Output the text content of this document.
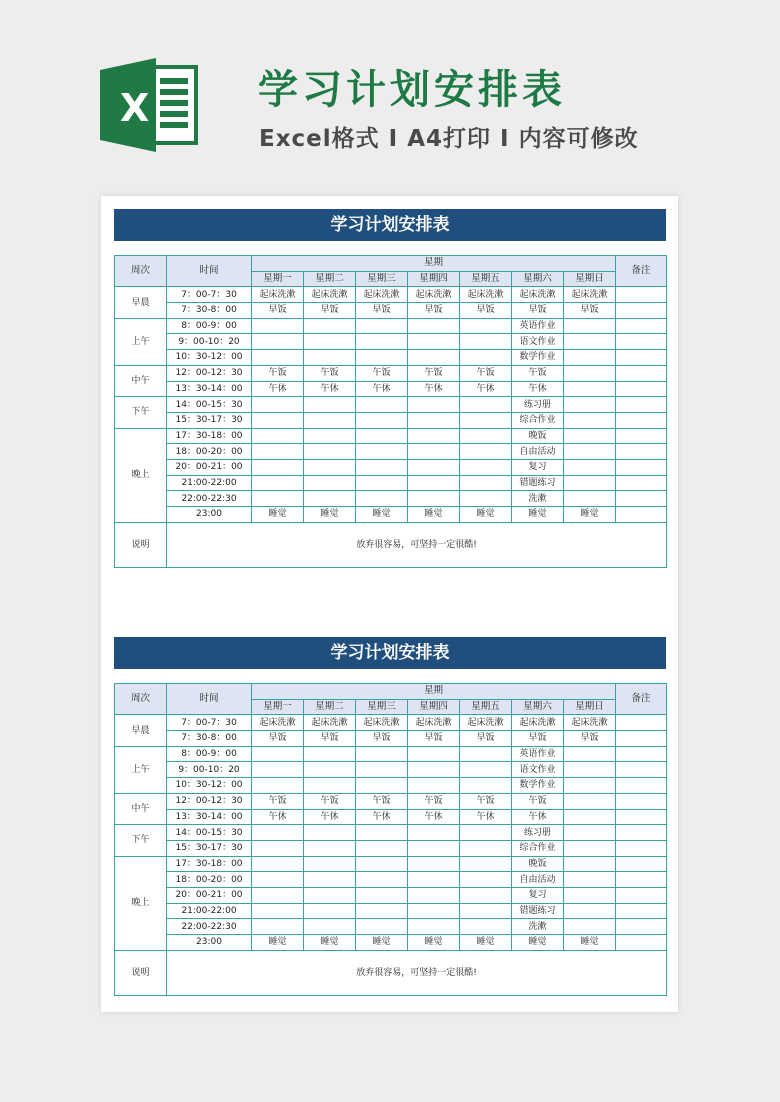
X	学习计划安排表
Excel格式 I A4打印 I 内容可修改
学习计划安排表
周次	时间	星期							备注
		星期一	星期二	星期三	星期四	星期五	星期六	星期日	
早晨	7：00-7：30	起床洗漱	起床洗漱	起床洗漱	起床洗漱	起床洗漱	起床洗漱	起床洗漱	
	7：30-8：00	早饭	早饭	早饭	早饭	早饭	早饭	早饭	
上午	8：00-9：00						英语作业		
	9：00-10：20						语文作业		
	10：30-12：00						数学作业		
中午	12：00-12：30	午饭	午饭	午饭	午饭	午饭	午饭		
	13：30-14：00	午休	午休	午休	午休	午休	午休		
下午	14：00-15：30						练习册		
	15：30-17：30						综合作业		
晚上	17：30-18：00						晚饭		
	18：00-20：00						自由活动		
	20：00-21：00						复习		
	21:00-22:00						错题练习		
	22:00-22:30						洗漱		
	23:00	睡觉	睡觉	睡觉	睡觉	睡觉	睡觉	睡觉	
说明	放弃很容易，可坚持一定很酷!								
学习计划安排表
周次	时间	星期							备注
		星期一	星期二	星期三	星期四	星期五	星期六	星期日	
早晨	7：00-7：30	起床洗漱	起床洗漱	起床洗漱	起床洗漱	起床洗漱	起床洗漱	起床洗漱	
	7：30-8：00	早饭	早饭	早饭	早饭	早饭	早饭	早饭	
上午	8：00-9：00						英语作业		
	9：00-10：20						语文作业		
	10：30-12：00						数学作业		
中午	12：00-12：30	午饭	午饭	午饭	午饭	午饭	午饭		
	13：30-14：00	午休	午休	午休	午休	午休	午休		
下午	14：00-15：30						练习册		
	15：30-17：30						综合作业		
晚上	17：30-18：00						晚饭		
	18：00-20：00						自由活动		
	20：00-21：00						复习		
	21:00-22:00						错题练习		
	22:00-22:30						洗漱		
	23:00	睡觉	睡觉	睡觉	睡觉	睡觉	睡觉	睡觉	
说明	放弃很容易，可坚持一定很酷!								
